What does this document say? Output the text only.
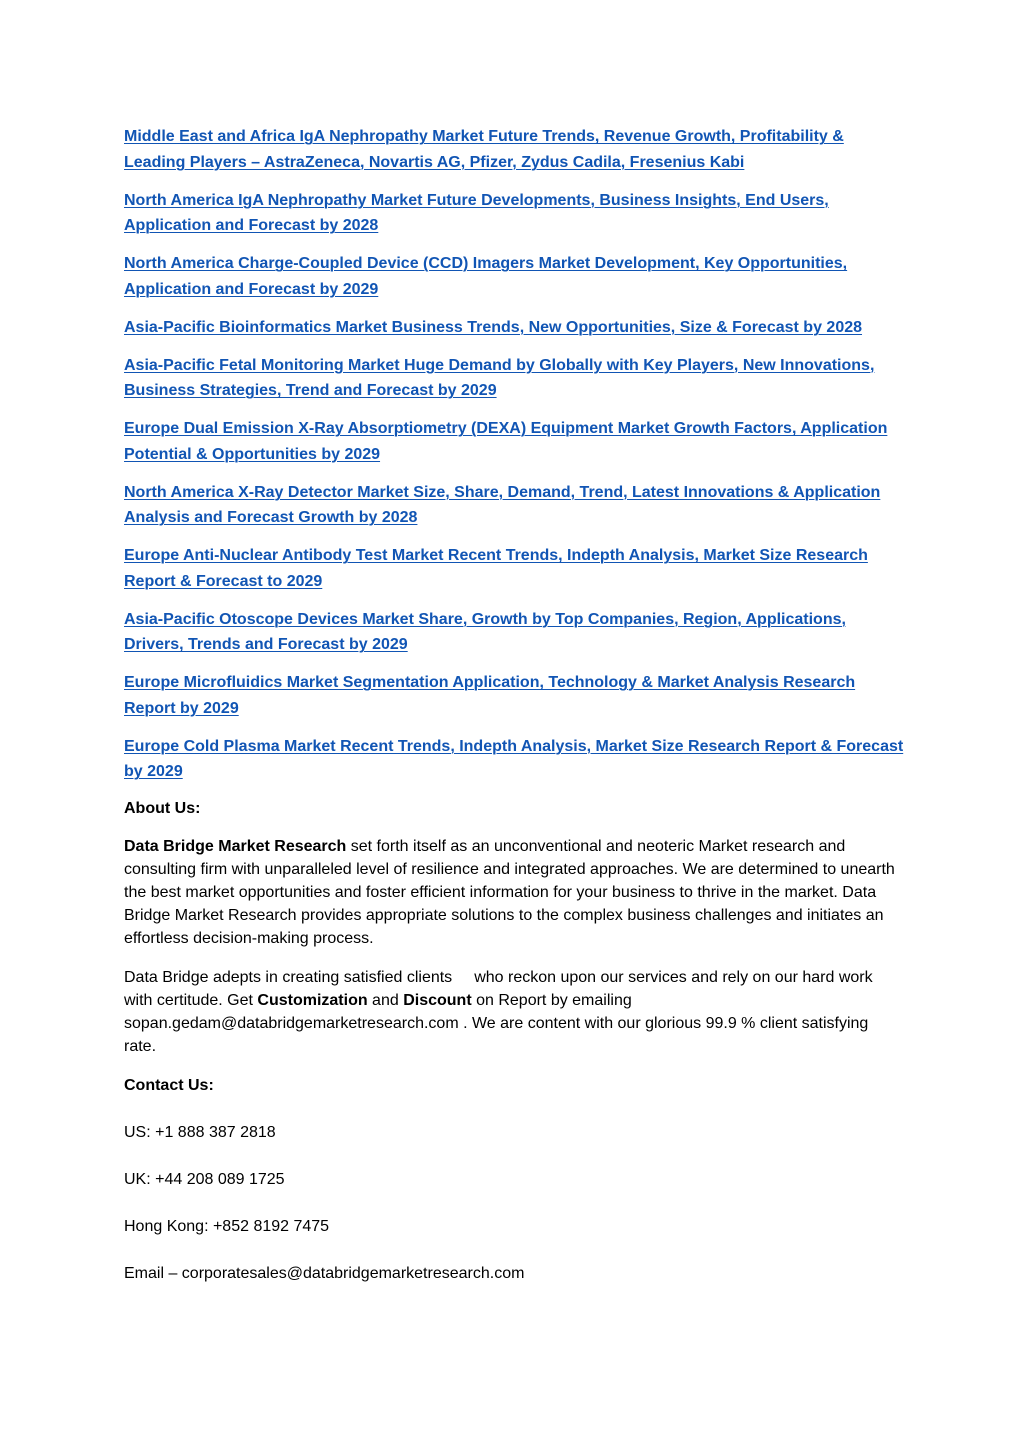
Middle East and Africa IgA Nephropathy Market Future Trends, Revenue Growth, Profitability & Leading Players – AstraZeneca, Novartis AG, Pfizer, Zydus Cadila, Fresenius Kabi
North America IgA Nephropathy Market Future Developments, Business Insights, End Users, Application and Forecast by 2028
North America Charge-Coupled Device (CCD) Imagers Market Development, Key Opportunities, Application and Forecast by 2029
Asia-Pacific Bioinformatics Market Business Trends, New Opportunities, Size & Forecast by 2028
Asia-Pacific Fetal Monitoring Market Huge Demand by Globally with Key Players, New Innovations, Business Strategies, Trend and Forecast by 2029
Europe Dual Emission X-Ray Absorptiometry (DEXA) Equipment Market Growth Factors, Application Potential & Opportunities by 2029
North America X-Ray Detector Market Size, Share, Demand, Trend, Latest Innovations & Application Analysis and Forecast Growth by 2028
Europe Anti-Nuclear Antibody Test Market Recent Trends, Indepth Analysis, Market Size Research Report & Forecast to 2029
Asia-Pacific Otoscope Devices Market Share, Growth by Top Companies, Region, Applications, Drivers, Trends and Forecast by 2029
Europe Microfluidics Market Segmentation Application, Technology & Market Analysis Research Report by 2029
Europe Cold Plasma Market Recent Trends, Indepth Analysis, Market Size Research Report & Forecast by 2029

About Us:

Data Bridge Market Research set forth itself as an unconventional and neoteric Market research and consulting firm with unparalleled level of resilience and integrated approaches. We are determined to unearth the best market opportunities and foster efficient information for your business to thrive in the market. Data Bridge Market Research provides appropriate solutions to the complex business challenges and initiates an effortless decision-making process.

Data Bridge adepts in creating satisfied clients who reckon upon our services and rely on our hard work with certitude. Get Customization and Discount on Report by emailing sopan.gedam@databridgemarketresearch.com . We are content with our glorious 99.9 % client satisfying rate.

Contact Us:

US: +1 888 387 2818

UK: +44 208 089 1725

Hong Kong: +852 8192 7475

Email – corporatesales@databridgemarketresearch.com
